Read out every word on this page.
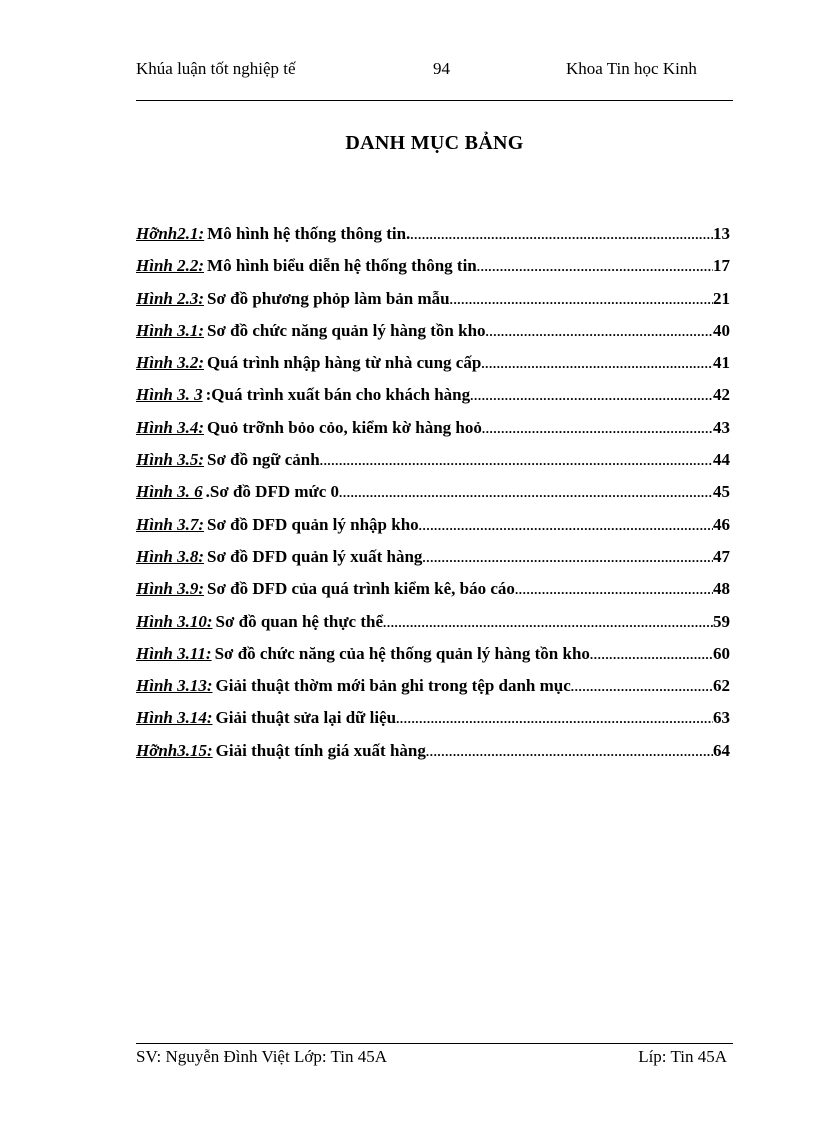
Khúa luận tốt nghiệp tế	94	Khoa Tin học Kinh
DANH MỤC BẢNG
Hỡnh2.1: Mô hình hệ thống thông tin. .....	13
Hình 2.2: Mô hình biểu diễn hệ thống thông tin .....	17
Hình 2.3: Sơ đồ phương phỏp làm bản mẫu .....	21
Hình 3.1: Sơ đồ chức năng quản lý hàng tồn kho .....	40
Hình 3.2: Quá trình nhập hàng từ nhà cung cấp .....	41
Hình 3. 3 :Quá trình xuất bán cho khách hàng .....	42
Hình 3.4: Quỏ trỡnh bỏo cỏo, kiểm kờ hàng hoỏ .....	43
Hình 3.5: Sơ đồ ngữ cảnh .....	44
Hình 3. 6 .Sơ đồ DFD mức 0 .....	45
Hình 3.7: Sơ đồ DFD quản lý nhập kho .....	46
Hình 3.8: Sơ đồ DFD quản lý xuất hàng .....	47
Hình 3.9: Sơ đồ DFD của quá trình kiểm kê, báo cáo .....	48
Hình 3.10: Sơ đồ quan hệ thực thể .....	59
Hình 3.11: Sơ đồ chức năng của hệ thống quản lý hàng tồn kho .....	60
Hình 3.13: Giải thuật thờm mới bản ghi trong tệp danh mục .....	62
Hình 3.14: Giải thuật sửa lại dữ liệu .....	63
Hỡnh3.15: Giải thuật tính giá xuất hàng .....	64
SV: Nguyễn Đình Việt Lớp: Tin 45A	Líp: Tin 45A
